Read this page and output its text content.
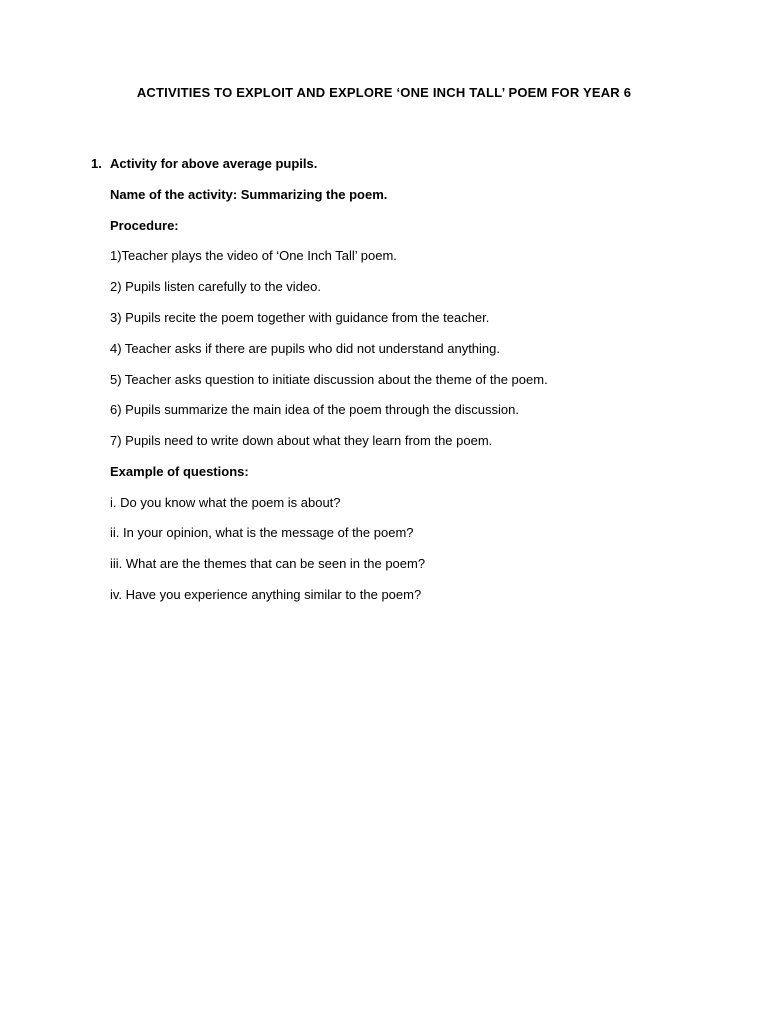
ACTIVITIES TO EXPLOIT AND EXPLORE ‘ONE INCH TALL’ POEM FOR YEAR 6
1. Activity for above average pupils.
Name of the activity: Summarizing the poem.
Procedure:
1)Teacher plays the video of ‘One Inch Tall’ poem.
2) Pupils listen carefully to the video.
3) Pupils recite the poem together with guidance from the teacher.
4) Teacher asks if there are pupils who did not understand anything.
5) Teacher asks question to initiate discussion about the theme of the poem.
6) Pupils summarize the main idea of the poem through the discussion.
7) Pupils need to write down about what they learn from the poem.
Example of questions:
i. Do you know what the poem is about?
ii. In your opinion, what is the message of the poem?
iii. What are the themes that can be seen in the poem?
iv. Have you experience anything similar to the poem?
